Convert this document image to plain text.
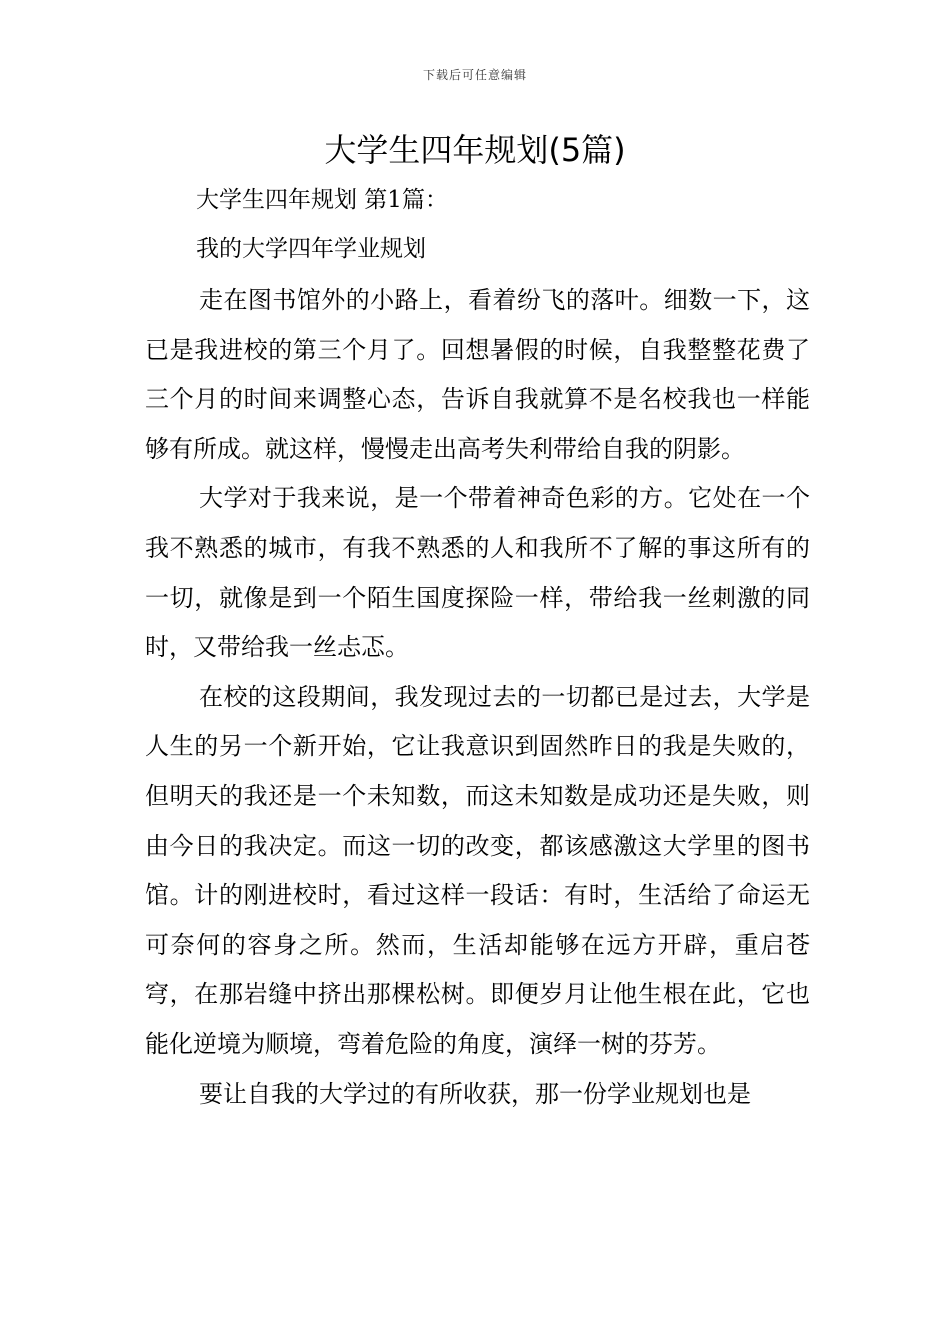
下载后可任意编辑
大学生四年规划(5篇)
大学生四年规划 第1篇：
我的大学四年学业规划

走在图书馆外的小路上，看着纷飞的落叶。细数一下，这已是我进校的第三个月了。回想暑假的时候，自我整整花费了三个月的时间来调整心态，告诉自我就算不是名校我也一样能够有所成。就这样，慢慢走出高考失利带给自我的阴影。

大学对于我来说，是一个带着神奇色彩的方。它处在一个我不熟悉的城市，有我不熟悉的人和我所不了解的事这所有的一切，就像是到一个陌生国度探险一样，带给我一丝刺激的同时，又带给我一丝忐忑。

在校的这段期间，我发现过去的一切都已是过去，大学是人生的另一个新开始，它让我意识到固然昨日的我是失败的，但明天的我还是一个未知数，而这未知数是成功还是失败，则由今日的我决定。而这一切的改变，都该感激这大学里的图书馆。计的刚进校时，看过这样一段话：有时，生活给了命运无可奈何的容身之所。然而，生活却能够在远方开辟，重启苍穹，在那岩缝中挤出那棵松树。即便岁月让他生根在此，它也能化逆境为顺境，弯着危险的角度，演绎一树的芬芳。

要让自我的大学过的有所收获，那一份学业规划也是
